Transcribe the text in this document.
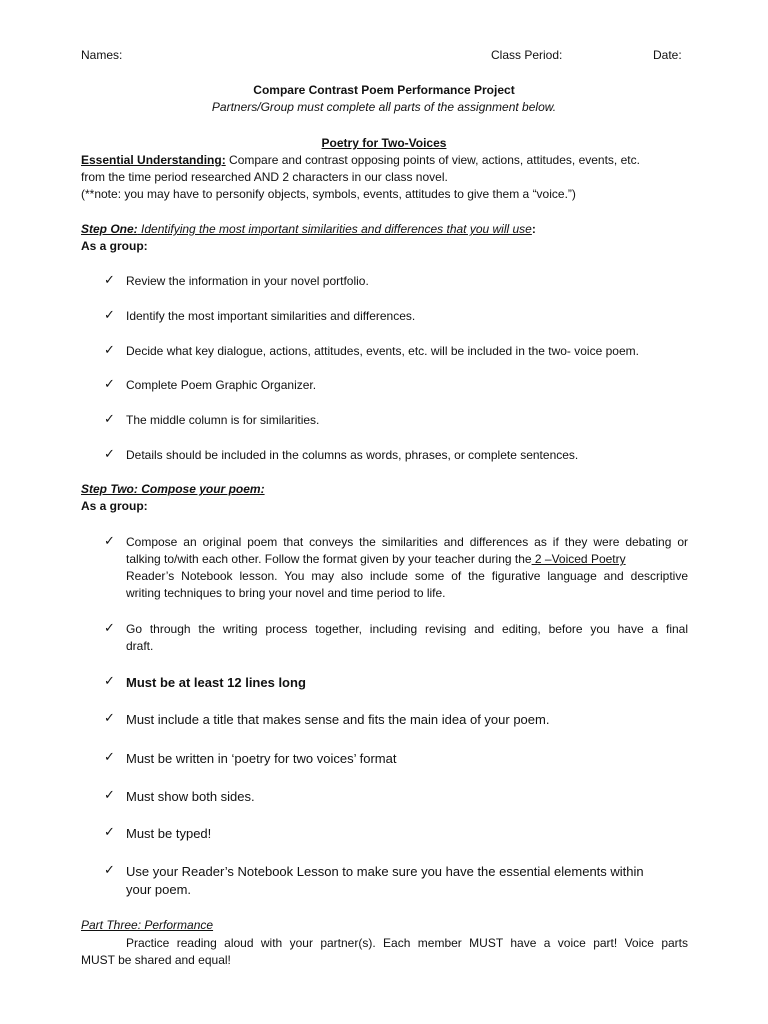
Names:	Class Period:	Date:
Compare Contrast Poem Performance Project
Partners/Group must complete all parts of the assignment below.
Poetry for Two-Voices
Essential Understanding: Compare and contrast opposing points of view, actions, attitudes, events, etc.
from the time period researched AND 2 characters in our class novel.
(**note: you may have to personify objects, symbols, events, attitudes to give them a “voice.”)
Step One: Identifying the most important similarities and differences that you will use:
As a group:
✓ Review the information in your novel portfolio.
✓ Identify the most important similarities and differences.
✓ Decide what key dialogue, actions, attitudes, events, etc. will be included in the two- voice poem.
✓ Complete Poem Graphic Organizer.
✓ The middle column is for similarities.
✓ Details should be included in the columns as words, phrases, or complete sentences.
Step Two: Compose your poem:
As a group:
✓ Compose an original poem that conveys the similarities and differences as if they were debating or
talking to/with each other. Follow the format given by your teacher during the 2 –Voiced Poetry
Reader’s Notebook lesson. You may also include some of the figurative language and descriptive
writing techniques to bring your novel and time period to life.
✓ Go through the writing process together, including revising and editing, before you have a final
draft.
✓ Must be at least 12 lines long
✓ Must include a title that makes sense and fits the main idea of your poem.
✓ Must be written in ‘poetry for two voices’ format
✓ Must show both sides.
✓ Must be typed!
✓ Use your Reader’s Notebook Lesson to make sure you have the essential elements within
your poem.
Part Three: Performance
Practice reading aloud with your partner(s). Each member MUST have a voice part! Voice parts
MUST be shared and equal!
